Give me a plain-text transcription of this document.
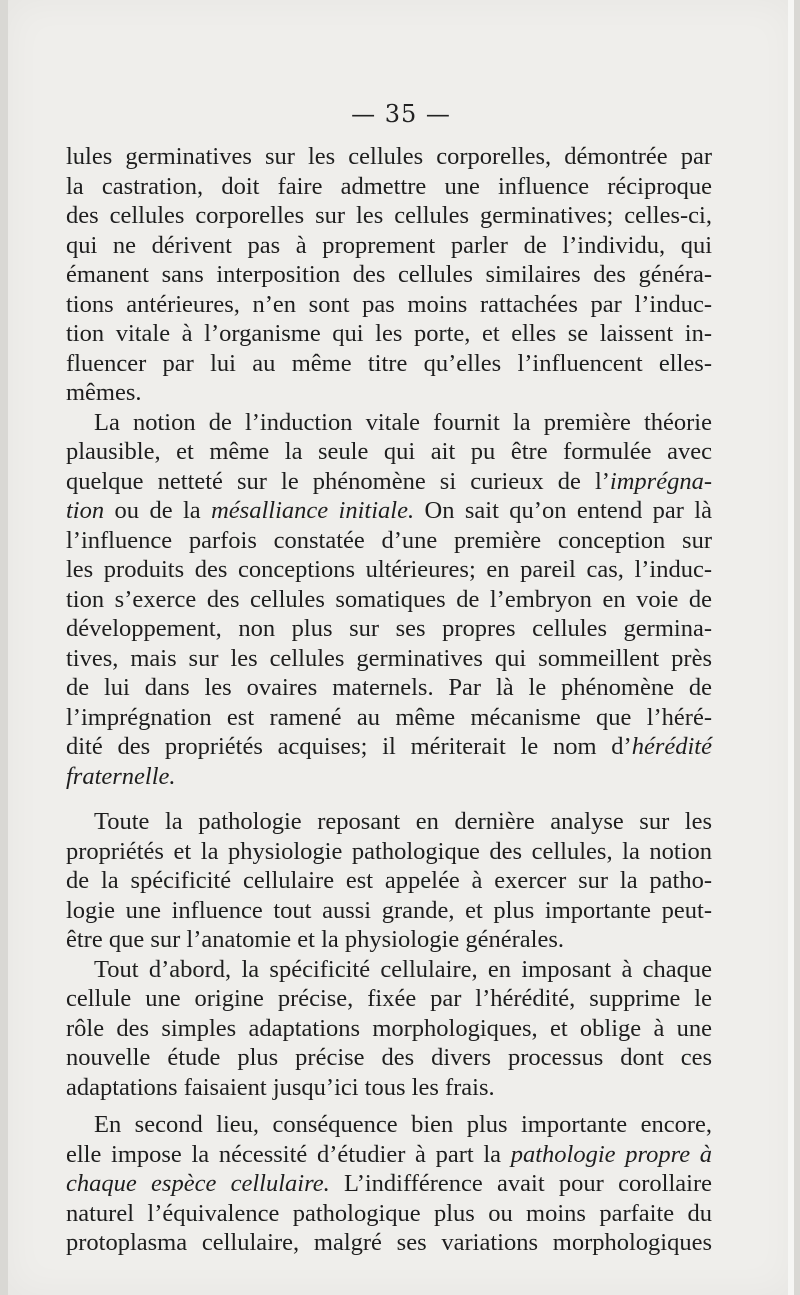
— 35 —
lules germinatives sur les cellules corporelles, démontrée par
la castration, doit faire admettre une influence réciproque
des cellules corporelles sur les cellules germinatives; celles-ci,
qui ne dérivent pas à proprement parler de l’individu, qui
émanent sans interposition des cellules similaires des généra-
tions antérieures, n’en sont pas moins rattachées par l’induc-
tion vitale à l’organisme qui les porte, et elles se laissent in-
fluencer par lui au même titre qu’elles l’influencent elles-
mêmes.
La notion de l’induction vitale fournit la première théorie
plausible, et même la seule qui ait pu être formulée avec
quelque netteté sur le phénomène si curieux de l’imprégna-
tion ou de la mésalliance initiale. On sait qu’on entend par là
l’influence parfois constatée d’une première conception sur
les produits des conceptions ultérieures; en pareil cas, l’induc-
tion s’exerce des cellules somatiques de l’embryon en voie de
développement, non plus sur ses propres cellules germina-
tives, mais sur les cellules germinatives qui sommeillent près
de lui dans les ovaires maternels. Par là le phénomène de
l’imprégnation est ramené au même mécanisme que l’héré-
dité des propriétés acquises; il mériterait le nom d’hérédité
fraternelle.
Toute la pathologie reposant en dernière analyse sur les
propriétés et la physiologie pathologique des cellules, la notion
de la spécificité cellulaire est appelée à exercer sur la patho-
logie une influence tout aussi grande, et plus importante peut-
être que sur l’anatomie et la physiologie générales.
Tout d’abord, la spécificité cellulaire, en imposant à chaque
cellule une origine précise, fixée par l’hérédité, supprime le
rôle des simples adaptations morphologiques, et oblige à une
nouvelle étude plus précise des divers processus dont ces
adaptations faisaient jusqu’ici tous les frais.
En second lieu, conséquence bien plus importante encore,
elle impose la nécessité d’étudier à part la pathologie propre à
chaque espèce cellulaire. L’indifférence avait pour corollaire
naturel l’équivalence pathologique plus ou moins parfaite du
protoplasma cellulaire, malgré ses variations morphologiques
